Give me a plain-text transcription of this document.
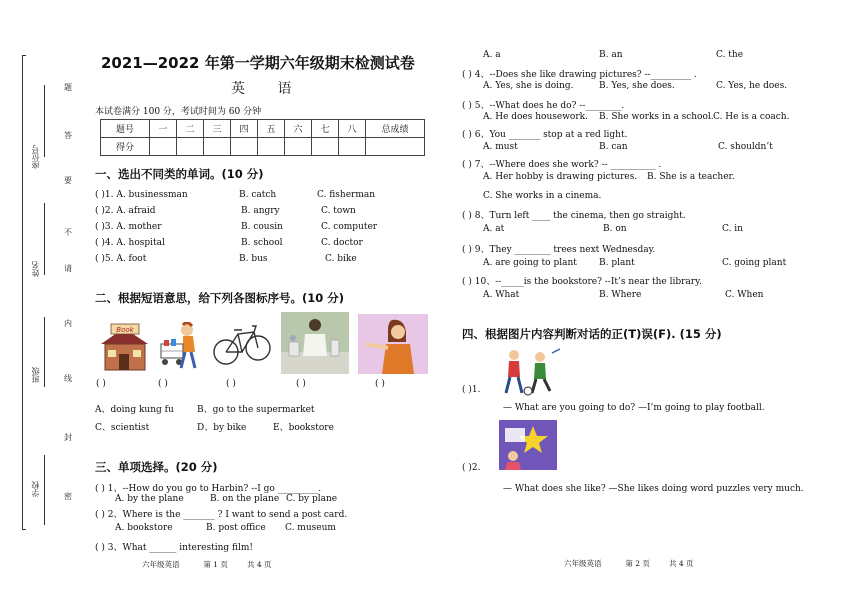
学校
班级
姓名
座位号
密
封
线
内
请
不
要
答
题
2021—2022 年第一学期六年级期末检测试卷
英 语
本试卷满分 100 分，考试时间为 60 分钟
题号	一	二	三	四	五	六	七	八	总成绩
得分									
一、选出不同类的单词。(10 分)
( )1. A. businessman	B. catch	C. fisherman
( )2. A. afraid	B. angry	C. town
( )3. A. mother	B. cousin	C. computer
( )4. A. hospital	B. school	C. doctor
( )5. A. foot	B. bus	C. bike
二、根据短语意思，给下列各图标序号。(10 分)
Book
( )	( )	( )	( )	( )
A、doing kung fu	B、go to the supermarket
C、scientist	D、by bike	E、bookstore
三、单项选择。(20 分)
( ) 1、--How do you go to Harbin? --I go _________.
A. by the plane	B. on the plane C. by plane
( ) 2、Where is the _______ ? I want to send a post card.
A. bookstore	B. post office C. museum
( ) 3、What ______ interesting film!
A. a	B. an	C. the
( ) 4、--Does she like drawing pictures? --_________ .
A. Yes, she is doing.	B. Yes, she does.	C. Yes, he does.
( ) 5、--What does he do? --________.
A. He does housework. B. She works in a school. C. He is a coach.
( ) 6、You _______ stop at a red light.
A. must	B. can	C. shouldn’t
( ) 7、--Where does she work? -- __________ .
A. Her hobby is drawing pictures. B. She is a teacher.
C. She works in a cinema.
( ) 8、Turn left ____ the cinema, then go straight.
A. at	B. on	C. in
( ) 9、They ________ trees next Wednesday.
A. are going to plant B. plant	C. going plant
( ) 10、--_____is the bookstore? --It’s near the library.
A. What	B. Where	C. When
四、根据图片内容判断对话的正(T)误(F). (15 分)
( )1.
— What are you going to do? —I’m going to play football.
( )2.
— What does she like? —She likes doing word puzzles very much.
六年级英语          第 1 页        共 4 页	六年级英语          第 2 页        共 4 页
